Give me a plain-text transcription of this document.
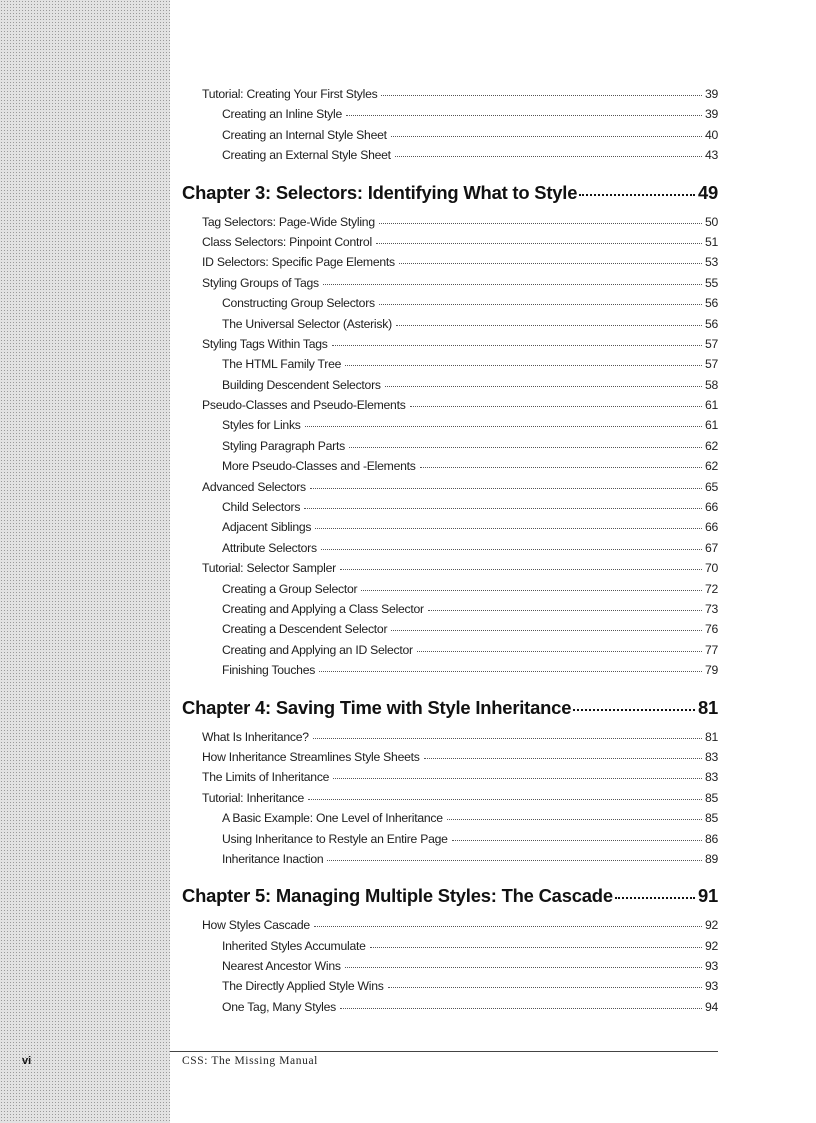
Tutorial: Creating Your First Styles	39
Creating an Inline Style	39
Creating an Internal Style Sheet	40
Creating an External Style Sheet	43
Chapter 3: Selectors: Identifying What to Style	49
Tag Selectors: Page-Wide Styling	50
Class Selectors: Pinpoint Control	51
ID Selectors: Specific Page Elements	53
Styling Groups of Tags	55
Constructing Group Selectors	56
The Universal Selector (Asterisk)	56
Styling Tags Within Tags	57
The HTML Family Tree	57
Building Descendent Selectors	58
Pseudo-Classes and Pseudo-Elements	61
Styles for Links	61
Styling Paragraph Parts	62
More Pseudo-Classes and -Elements	62
Advanced Selectors	65
Child Selectors	66
Adjacent Siblings	66
Attribute Selectors	67
Tutorial: Selector Sampler	70
Creating a Group Selector	72
Creating and Applying a Class Selector	73
Creating a Descendent Selector	76
Creating and Applying an ID Selector	77
Finishing Touches	79
Chapter 4: Saving Time with Style Inheritance	81
What Is Inheritance?	81
How Inheritance Streamlines Style Sheets	83
The Limits of Inheritance	83
Tutorial: Inheritance	85
A Basic Example: One Level of Inheritance	85
Using Inheritance to Restyle an Entire Page	86
Inheritance Inaction	89
Chapter 5: Managing Multiple Styles: The Cascade	91
How Styles Cascade	92
Inherited Styles Accumulate	92
Nearest Ancestor Wins	93
The Directly Applied Style Wins	93
One Tag, Many Styles	94
vi	CSS: The Missing Manual
